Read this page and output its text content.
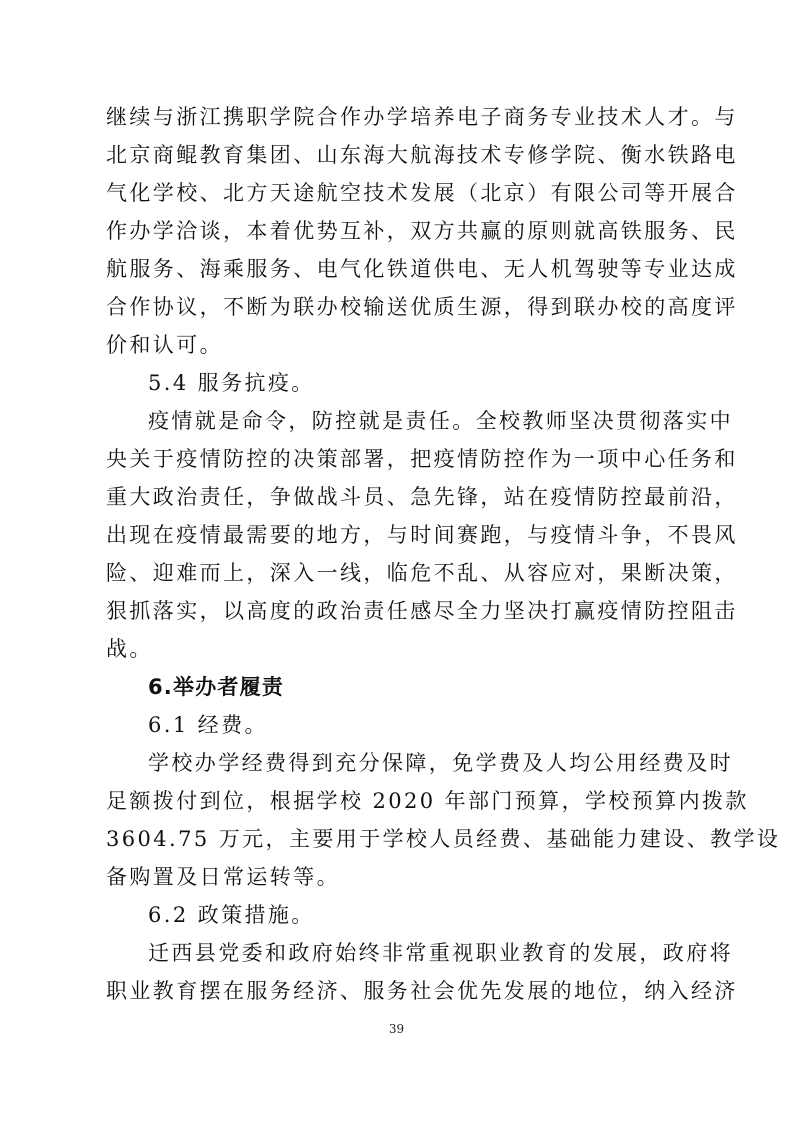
继续与浙江携职学院合作办学培养电子商务专业技术人才。与
北京商鲲教育集团、山东海大航海技术专修学院、衡水铁路电
气化学校、北方天途航空技术发展（北京）有限公司等开展合
作办学洽谈，本着优势互补，双方共赢的原则就高铁服务、民
航服务、海乘服务、电气化铁道供电、无人机驾驶等专业达成
合作协议，不断为联办校输送优质生源，得到联办校的高度评
价和认可。
5.4 服务抗疫。
疫情就是命令，防控就是责任。全校教师坚决贯彻落实中
央关于疫情防控的决策部署，把疫情防控作为一项中心任务和
重大政治责任，争做战斗员、急先锋，站在疫情防控最前沿，
出现在疫情最需要的地方，与时间赛跑，与疫情斗争，不畏风
险、迎难而上，深入一线，临危不乱、从容应对，果断决策，
狠抓落实，以高度的政治责任感尽全力坚决打赢疫情防控阻击
战。
6.举办者履责
6.1 经费。
学校办学经费得到充分保障，免学费及人均公用经费及时
足额拨付到位，根据学校 2020 年部门预算，学校预算内拨款
3604.75 万元，主要用于学校人员经费、基础能力建设、教学设
备购置及日常运转等。
6.2 政策措施。
迁西县党委和政府始终非常重视职业教育的发展，政府将
职业教育摆在服务经济、服务社会优先发展的地位，纳入经济
39
